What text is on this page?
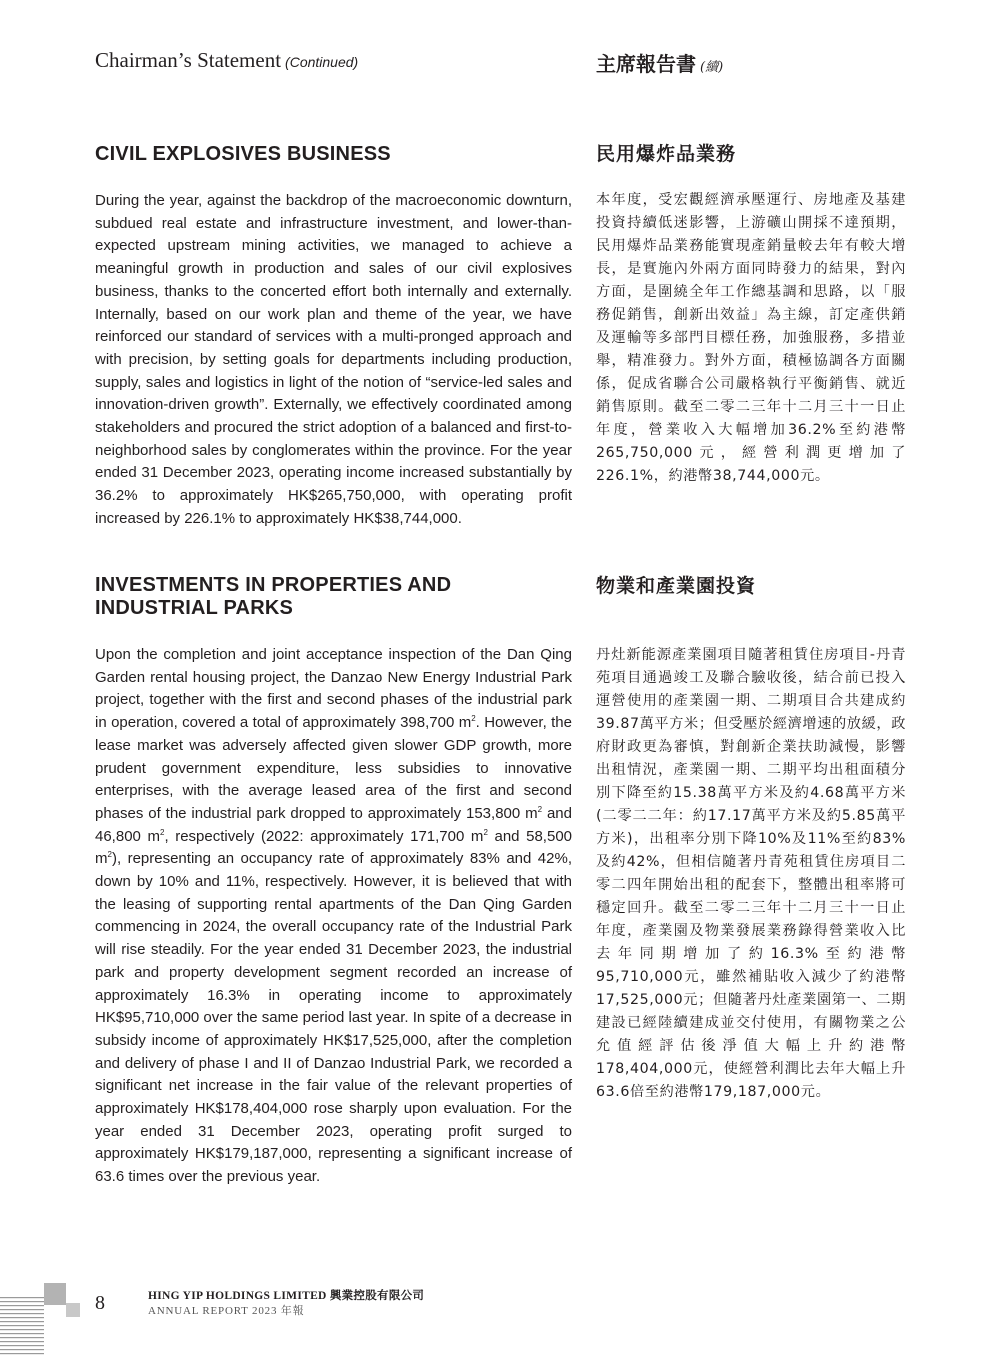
Chairman’s Statement (Continued)	主席報告書 (續)
CIVIL EXPLOSIVES BUSINESS	民用爆炸品業務

During the year, against the backdrop of the macroeconomic downturn, subdued real estate and infrastructure investment, and lower-than-expected upstream mining activities, we managed to achieve a meaningful growth in production and sales of our civil explosives business, thanks to the concerted effort both internally and externally. Internally, based on our work plan and theme of the year, we have reinforced our standard of services with a multi-pronged approach and with precision, by setting goals for departments including production, supply, sales and logistics in light of the notion of “service-led sales and innovation-driven growth”. Externally, we effectively coordinated among stakeholders and procured the strict adoption of a balanced and first-to-neighborhood sales by conglomerates within the province. For the year ended 31 December 2023, operating income increased substantially by 36.2% to approximately HK$265,750,000, with operating profit increased by 226.1% to approximately HK$38,744,000.

本年度，受宏觀經濟承壓運行、房地產及基建投資持續低迷影響，上游礦山開採不達預期，民用爆炸品業務能實現產銷量較去年有較大增長，是實施內外兩方面同時發力的結果，對內方面，是圍繞全年工作總基調和思路，以「服務促銷售，創新出效益」為主線，訂定產供銷及運輸等多部門目標任務，加強服務，多措並舉，精准發力。對外方面，積極協調各方面關係，促成省聯合公司嚴格執行平衡銷售、就近銷售原則。截至二零二三年十二月三十一日止年度，營業收入大幅增加36.2%至約港幣265,750,000元，經營利潤更增加了226.1%，約港幣38,744,000元。

INVESTMENTS IN PROPERTIES AND
INDUSTRIAL PARKS
物業和產業園投資

Upon the completion and joint acceptance inspection of the Dan Qing Garden rental housing project, the Danzao New Energy Industrial Park project, together with the first and second phases of the industrial park in operation, covered a total of approximately 398,700 $m^2$. However, the lease market was adversely affected given slower GDP growth, more prudent government expenditure, less subsidies to innovative enterprises, with the average leased area of the first and second phases of the industrial park dropped to approximately 153,800 $m^2$ and 46,800 $m^2$, respectively (2022: approximately 171,700 $m^2$ and 58,500 $m^2$), representing an occupancy rate of approximately 83% and 42%, down by 10% and 11%, respectively. However, it is believed that with the leasing of supporting rental apartments of the Dan Qing Garden commencing in 2024, the overall occupancy rate of the Industrial Park will rise steadily. For the year ended 31 December 2023, the industrial park and property development segment recorded an increase of approximately 16.3% in operating income to approximately HK$95,710,000 over the same period last year. In spite of a decrease in subsidy income of approximately HK$17,525,000, after the completion and delivery of phase I and II of Danzao Industrial Park, we recorded a significant net increase in the fair value of the relevant properties of approximately HK$178,404,000 rose sharply upon evaluation. For the year ended 31 December 2023, operating profit surged to approximately HK$179,187,000, representing a significant increase of 63.6 times over the previous year.

丹灶新能源產業園項目隨著租賃住房項目-丹青苑項目通過竣工及聯合驗收後，結合前已投入運營使用的產業園一期、二期項目合共建成約39.87萬平方米；但受壓於經濟增速的放緩，政府財政更為審慎，對創新企業扶助減慢，影響出租情況，產業園一期、二期平均出租面積分別下降至約15.38萬平方米及約4.68萬平方米(二零二二年：約17.17萬平方米及約5.85萬平方米)，出租率分別下降10%及11%至約83%及約42%，但相信隨著丹青苑租賃住房項目二零二四年開始出租的配套下，整體出租率將可穩定回升。截至二零二三年十二月三十一日止年度，產業園及物業發展業務錄得營業收入比去年同期增加了約16.3%至約港幣95,710,000元，雖然補貼收入減少了約港幣17,525,000元；但隨著丹灶產業園第一、二期建設已經陸續建成並交付使用，有關物業之公允值經評估後淨值大幅上升約港幣178,404,000元，使經營利潤比去年大幅上升63.6倍至約港幣179,187,000元。

8	HING YIP HOLDINGS LIMITED 興業控股有限公司
ANNUAL REPORT 2023 年報
